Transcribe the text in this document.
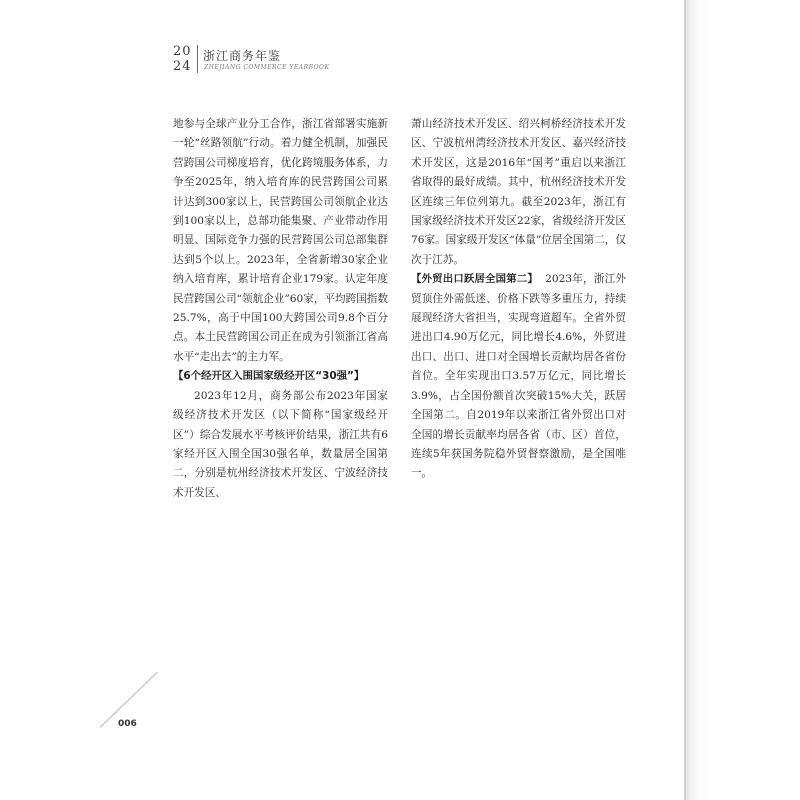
20
24
浙江商务年鉴
ZHEJIANG COMMERCE YEARBOOK

地参与全球产业分工合作，浙江省部署实施新一轮“丝路领航”行动。着力健全机制，加强民营跨国公司梯度培育，优化跨境服务体系，力争至2025年，纳入培育库的民营跨国公司累计达到300家以上，民营跨国公司领航企业达到100家以上，总部功能集聚、产业带动作用明显、国际竞争力强的民营跨国公司总部集群达到5个以上。2023年，全省新增30家企业纳入培育库，累计培育企业179家。认定年度民营跨国公司“领航企业”60家，平均跨国指数25.7%，高于中国100大跨国公司9.8个百分点。本土民营跨国公司正在成为引领浙江省高水平“走出去”的主力军。

【6个经开区入围国家级经开区“30强”】

2023年12月，商务部公布2023年国家级经济技术开发区（以下简称“国家级经开区”）综合发展水平考核评价结果，浙江共有6家经开区入围全国30强名单，数量居全国第二，分别是杭州经济技术开发区、宁波经济技术开发区、

萧山经济技术开发区、绍兴柯桥经济技术开发区、宁波杭州湾经济技术开发区、嘉兴经济技术开发区，这是2016年“国考”重启以来浙江省取得的最好成绩。其中，杭州经济技术开发区连续三年位列第九。截至2023年，浙江有国家级经济技术开发区22家，省级经济开发区76家。国家级开发区“体量”位居全国第二，仅次于江苏。

【外贸出口跃居全国第二】 2023年，浙江外贸顶住外需低迷、价格下跌等多重压力，持续展现经济大省担当，实现弯道超车。全省外贸进出口4.90万亿元，同比增长4.6%，外贸进出口、出口、进口对全国增长贡献均居各省份首位。全年实现出口3.57万亿元，同比增长3.9%，占全国份额首次突破15%大关，跃居全国第二。自2019年以来浙江省外贸出口对全国的增长贡献率均居各省（市、区）首位，连续5年获国务院稳外贸督察激励，是全国唯一。

006
